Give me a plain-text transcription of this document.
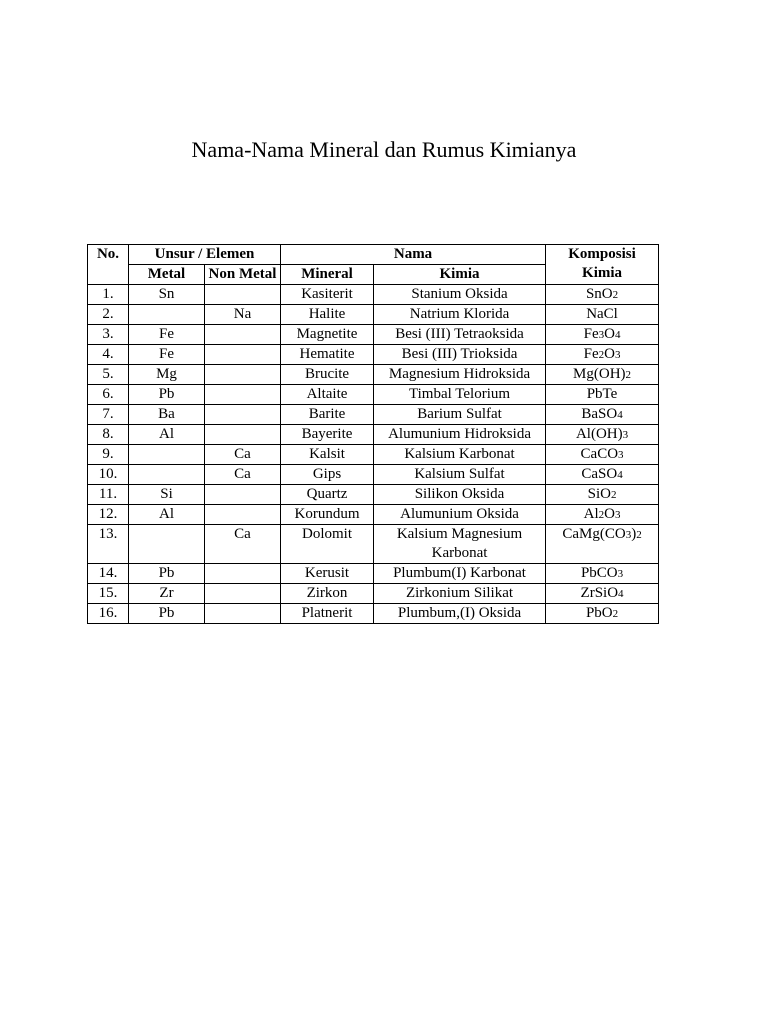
Nama-Nama Mineral dan Rumus Kimianya
No.	Unsur / Elemen		Nama		Komposisi Kimia
	Metal	Non Metal	Mineral	Kimia	
1.	Sn		Kasiterit	Stanium Oksida	SnO2
2.		Na	Halite	Natrium Klorida	NaCl
3.	Fe		Magnetite	Besi (III) Tetraoksida	Fe3O4
4.	Fe		Hematite	Besi (III) Trioksida	Fe2O3
5.	Mg		Brucite	Magnesium Hidroksida	Mg(OH)2
6.	Pb		Altaite	Timbal Telorium	PbTe
7.	Ba		Barite	Barium Sulfat	BaSO4
8.	Al		Bayerite	Alumunium Hidroksida	Al(OH)3
9.		Ca	Kalsit	Kalsium Karbonat	CaCO3
10.		Ca	Gips	Kalsium Sulfat	CaSO4
11.	Si		Quartz	Silikon Oksida	SiO2
12.	Al		Korundum	Alumunium Oksida	Al2O3
13.		Ca	Dolomit	Kalsium Magnesium Karbonat	CaMg(CO3)2
14.	Pb		Kerusit	Plumbum(I) Karbonat	PbCO3
15.	Zr		Zirkon	Zirkonium Silikat	ZrSiO4
16.	Pb		Platnerit	Plumbum,(I) Oksida	PbO2
